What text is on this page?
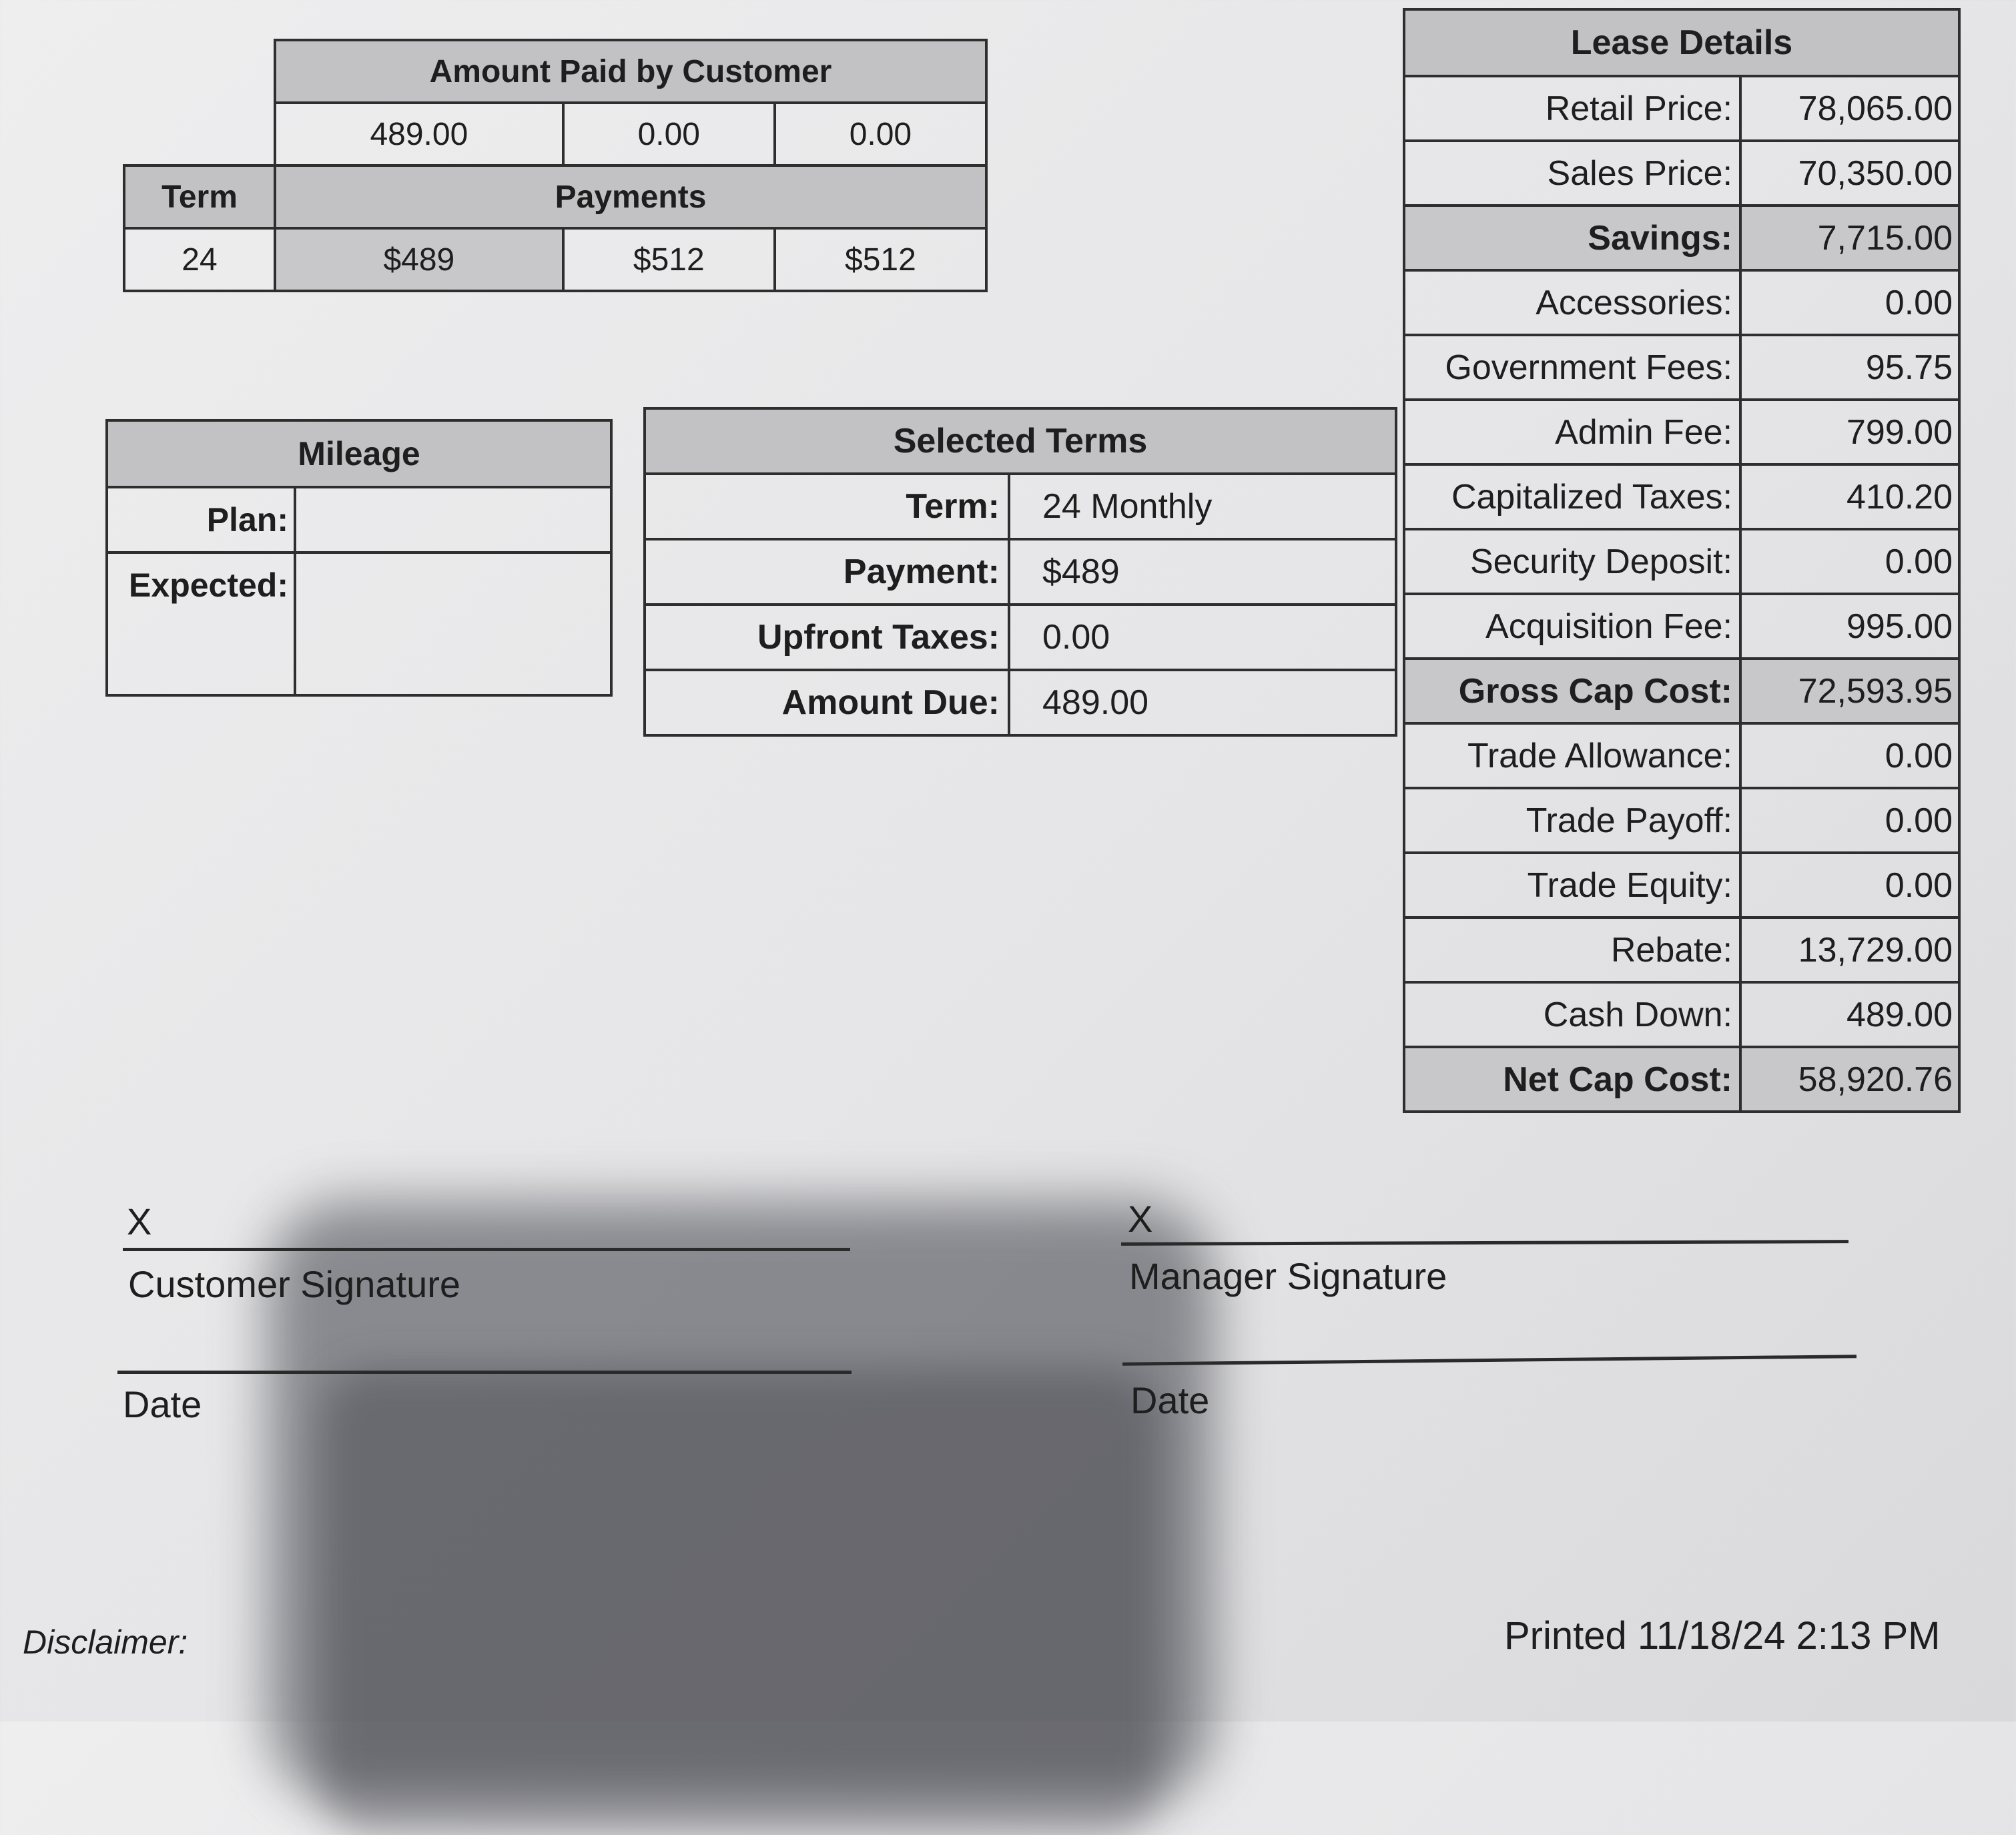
	Amount Paid by Customer		
	489.00	0.00	0.00
Term	Payments		
24	$489	$512	$512
Mileage	
Plan:	
Expected:	
Selected Terms	
Term:	24 Monthly
Payment:	$489
Upfront Taxes:	0.00
Amount Due:	489.00
Lease Details	
Retail Price:	78,065.00
Sales Price:	70,350.00
Savings:	7,715.00
Accessories:	0.00
Government Fees:	95.75
Admin Fee:	799.00
Capitalized Taxes:	410.20
Security Deposit:	0.00
Acquisition Fee:	995.00
Gross Cap Cost:	72,593.95
Trade Allowance:	0.00
Trade Payoff:	0.00
Trade Equity:	0.00
Rebate:	13,729.00
Cash Down:	489.00
Net Cap Cost:	58,920.76
X
Customer Signature
Date
X
Manager Signature
Date
Disclaimer:	Printed 11/18/24 2:13 PM
